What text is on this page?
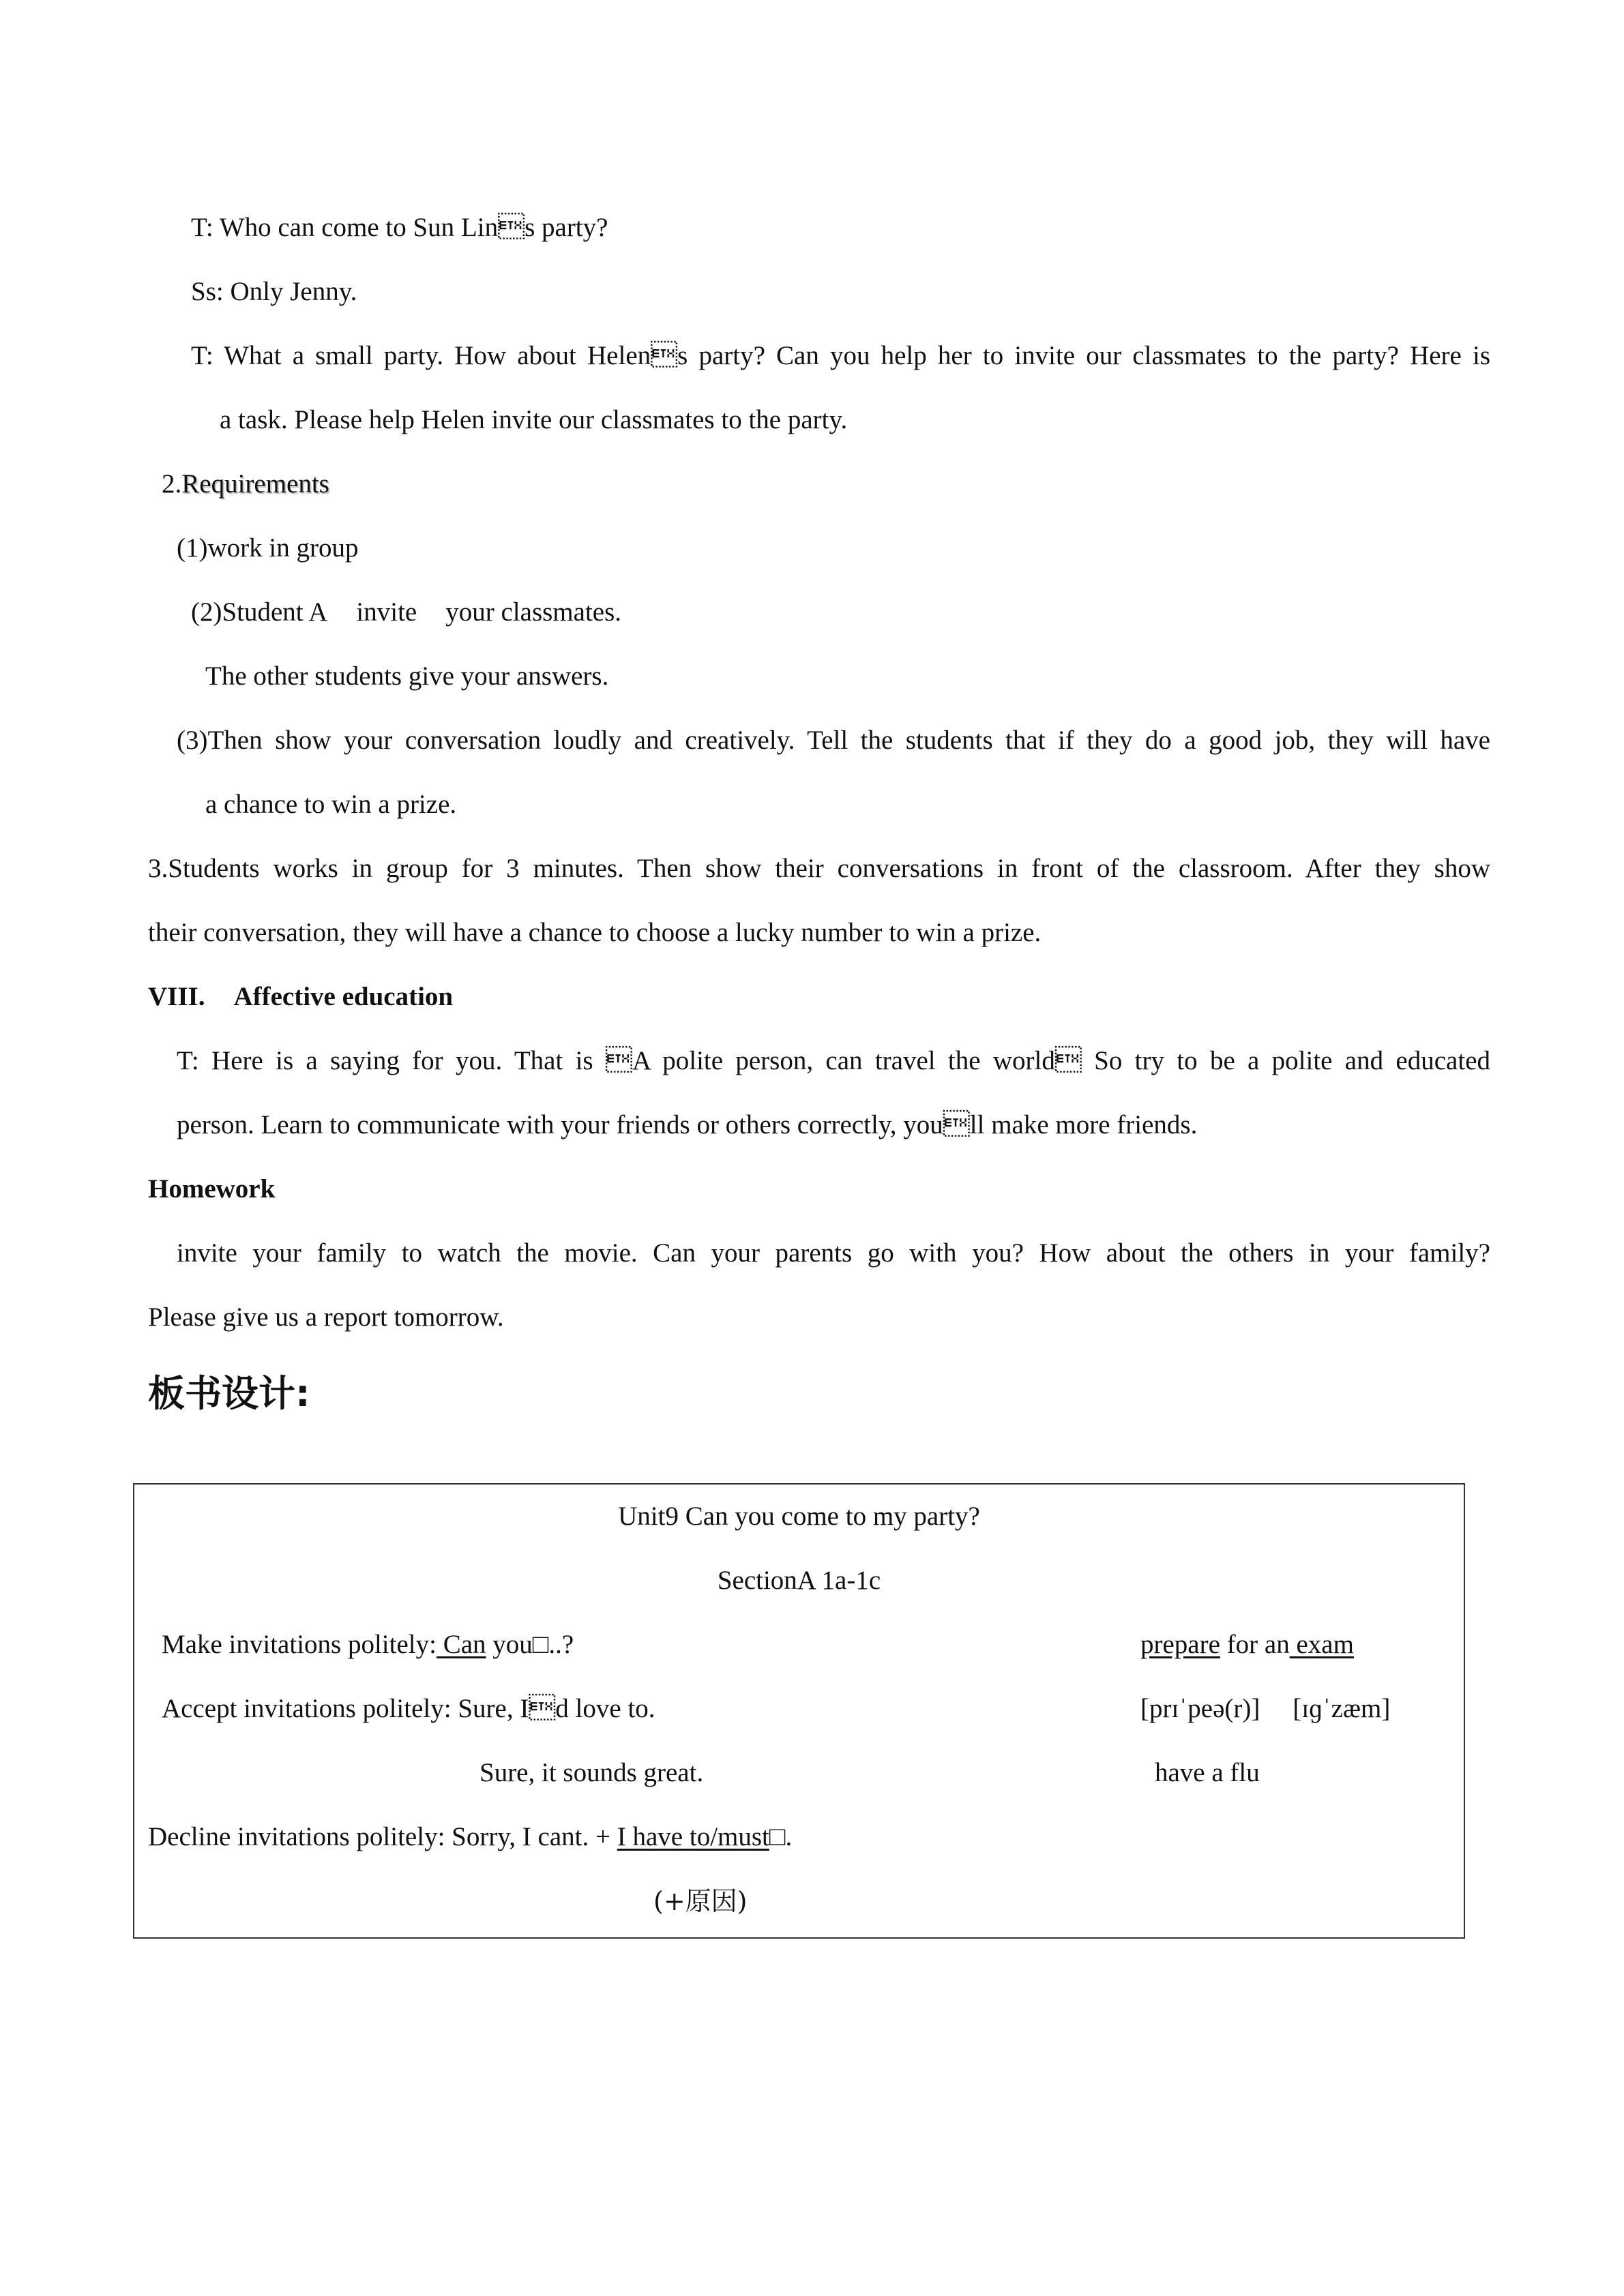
T: Who can come to Sun Lins party?
Ss: Only Jenny.
T: What a small party. How about Helens party? Can you help her to invite our classmates to the party? Here is
a task. Please help Helen invite our classmates to the party.
2.Requirements
(1)work in group
(2)Student A invite your classmates.
The other students give your answers.
(3)Then show your conversation loudly and creatively. Tell the students that if they do a good job, they will have
a chance to win a prize.
3.Students works in group for 3 minutes. Then show their conversations in front of the classroom. After they show
their conversation, they will have a chance to choose a lucky number to win a prize.
VIII. Affective education
T: Here is a saying for you. That is A polite person, can travel the world So try to be a polite and educated
person. Learn to communicate with your friends or others correctly, youll make more friends.
Homework
invite your family to watch the movie. Can your parents go with you? How about the others in your family?
Please give us a report tomorrow.
板书设计:
Unit9 Can you come to my party?
SectionA 1a-1c
Make invitations politely: Can you□..?	prepare for an exam
Accept invitations politely: Sure, Id love to.	[prɪˈpeə(r)] [ɪɡˈzæm]
Sure, it sounds great.	have a flu
Decline invitations politely: Sorry, I cant. + I have to/must□.
(+原因)
